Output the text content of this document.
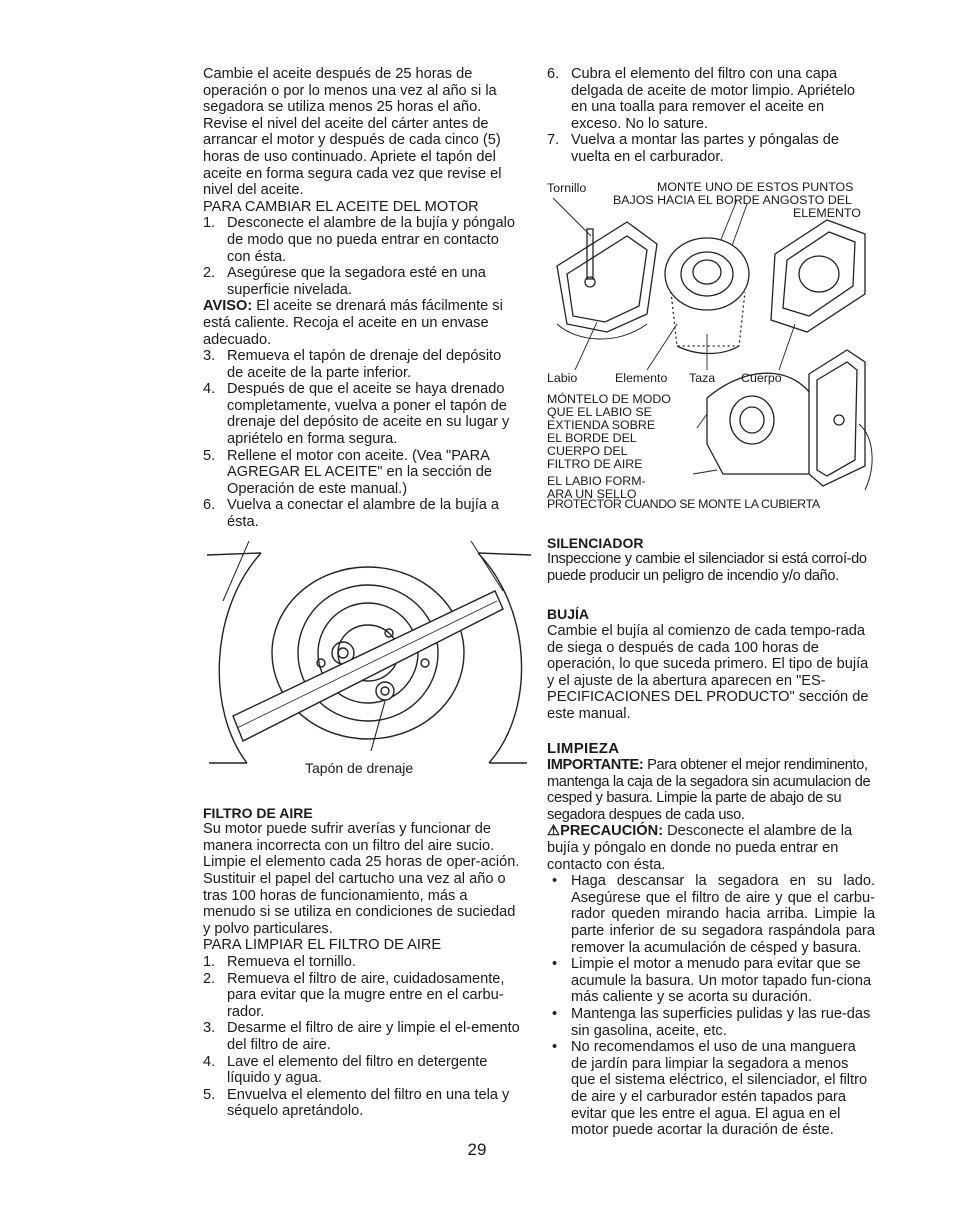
Cambie el aceite después de 25 horas de operación o por lo menos una vez al año si la segadora se utiliza menos 25 horas el año. Revise el nivel del aceite del cárter antes de arrancar el motor y después de cada cinco (5) horas de uso continuado. Apriete el tapón del aceite en forma segura cada vez que revise el nivel del aceite.

PARA CAMBIAR EL ACEITE DEL MOTOR

1. Desconecte el alambre de la bujía y póngalo de modo que no pueda entrar en contacto con ésta.
2. Asegúrese que la segadora esté en una superficie nivelada.

AVISO: El aceite se drenará más fácilmente si está caliente. Recoja el aceite en un envase adecuado.

3. Remueva el tapón de drenaje del depósito de aceite de la parte inferior.
4. Después de que el aceite se haya drenado completamente, vuelva a poner el tapón de drenaje del depósito de aceite en su lugar y apriételo en forma segura.
5. Rellene el motor con aceite. (Vea "PARA AGREGAR EL ACEITE" en la sección de Operación de este manual.)
6. Vuelva a conectar el alambre de la bujía a ésta.
Tapón de drenaje

FILTRO DE AIRE

Su motor puede sufrir averías y funcionar de manera incorrecta con un filtro del aire sucio. Limpie el elemento cada 25 horas de oper-ación. Sustituir el papel del cartucho una vez al año o tras 100 horas de funcionamiento, más a menudo si se utiliza en condiciones de suciedad y polvo particulares.

PARA LIMPIAR EL FILTRO DE AIRE

1. Remueva el tornillo.
2. Remueva el filtro de aire, cuidadosamente, para evitar que la mugre entre en el carbu-rador.
3. Desarme el filtro de aire y limpie el el-emento del filtro de aire.
4. Lave el elemento del filtro en detergente líquido y agua.
5. Envuelva el elemento del filtro en una tela y séquelo apretándolo.
6. Cubra el elemento del filtro con una capa delgada de aceite de motor limpio. Apriételo en una toalla para remover el aceite en exceso. No lo sature.
7. Vuelva a montar las partes y póngalas de vuelta en el carburador.
Tornillo	MONTE UNO DE ESTOS PUNTOS
BAJOS HACIA EL BORDE ANGOSTO DEL
ELEMENTO
Labio	Elemento Taza Cuerpo
MÓNTELO DE MODO
QUE EL LABIO SE
EXTIENDA SOBRE
EL BORDE DEL
CUERPO DEL
FILTRO DE AIRE
EL LABIO FORM-
ARA UN SELLO

PROTECTOR CUANDO SE MONTE LA CUBIERTA

SILENCIADOR

Inspeccione y cambie el silenciador si está corroí-do puede producir un peligro de incendio y/o daño.

BUJÍA

Cambie el bujía al comienzo de cada tempo-rada de siega o después de cada 100 horas de operación, lo que suceda primero. El tipo de bujía y el ajuste de la abertura aparecen en "ES-PECIFICACIONES DEL PRODUCTO" sección de este manual.

LIMPIEZA

IMPORTANTE: Para obtener el mejor rendiminento, mantenga la caja de la segadora sin acumulacion de cesped y basura. Limpie la parte de abajo de su segadora despues de cada uso.

⚠PRECAUCIÓN: Desconecte el alambre de la bujía y póngalo en donde no pueda entrar en contacto con ésta.

• Haga descansar la segadora en su lado. Asegúrese que el filtro de aire y que el carbu-rador queden mirando hacia arriba. Limpie la parte inferior de su segadora raspándola para remover la acumulación de césped y basura.
• Limpie el motor a menudo para evitar que se acumule la basura. Un motor tapado fun-ciona más caliente y se acorta su duración.
• Mantenga las superficies pulidas y las rue-das sin gasolina, aceite, etc.
• No recomendamos el uso de una manguera de jardín para limpiar la segadora a menos que el sistema eléctrico, el silenciador, el filtro de aire y el carburador estén tapados para evitar que les entre el agua. El agua en el motor puede acortar la duración de éste.
29
